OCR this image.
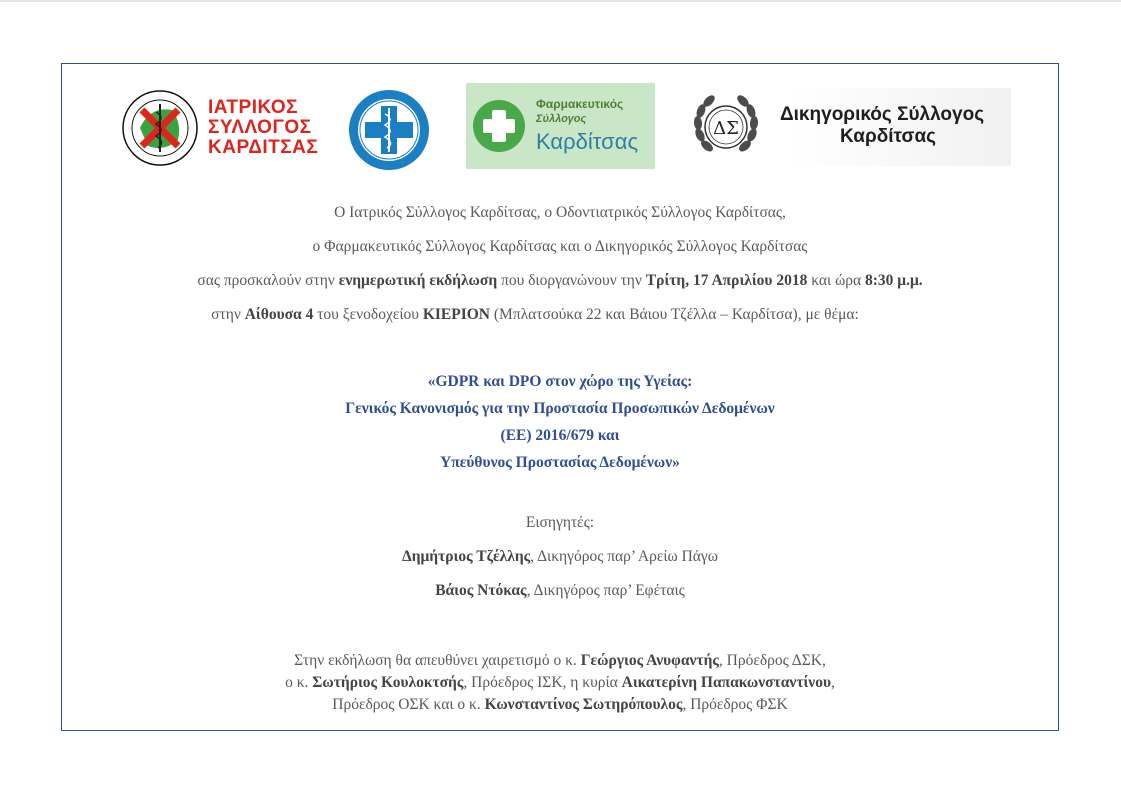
ΙΑΤΡΙΚΟΣ
ΣΥΛΛΟΓΟΣ
ΚΑΡΔΙΤΣΑΣ
Φαρμακευτικός
Σύλλογος
Καρδίτσας
ΔΣ
Δικηγορικός Σύλλογος
Καρδίτσας
Ο Ιατρικός Σύλλογος Καρδίτσας, ο Οδοντιατρικός Σύλλογος Καρδίτσας,
ο Φαρμακευτικός Σύλλογος Καρδίτσας και ο Δικηγορικός Σύλλογος Καρδίτσας
σας προσκαλούν στην ενημερωτική εκδήλωση που διοργανώνουν την Τρίτη, 17 Απριλίου 2018 και ώρα 8:30 μ.μ.
στην Αίθουσα 4 του ξενοδοχείου ΚΙΕΡΙΟΝ (Μπλατσούκα 22 και Βάιου Τζέλλα – Καρδίτσα), με θέμα:
«GDPR και DPO στον χώρο της Υγείας:
Γενικός Κανονισμός για την Προστασία Προσωπικών Δεδομένων
(ΕΕ) 2016/679 και
Υπεύθυνος Προστασίας Δεδομένων»
Εισηγητές:
Δημήτριος Τζέλλης, Δικηγόρος παρ’ Αρείω Πάγω
Βάιος Ντόκας, Δικηγόρος παρ’ Εφέταις
Στην εκδήλωση θα απευθύνει χαιρετισμό ο κ. Γεώργιος Ανυφαντής, Πρόεδρος ΔΣΚ,
ο κ. Σωτήριος Κουλοκτσής, Πρόεδρος ΙΣΚ, η κυρία Αικατερίνη Παπακωνσταντίνου,
Πρόεδρος ΟΣΚ και ο κ. Κωνσταντίνος Σωτηρόπουλος, Πρόεδρος ΦΣΚ
